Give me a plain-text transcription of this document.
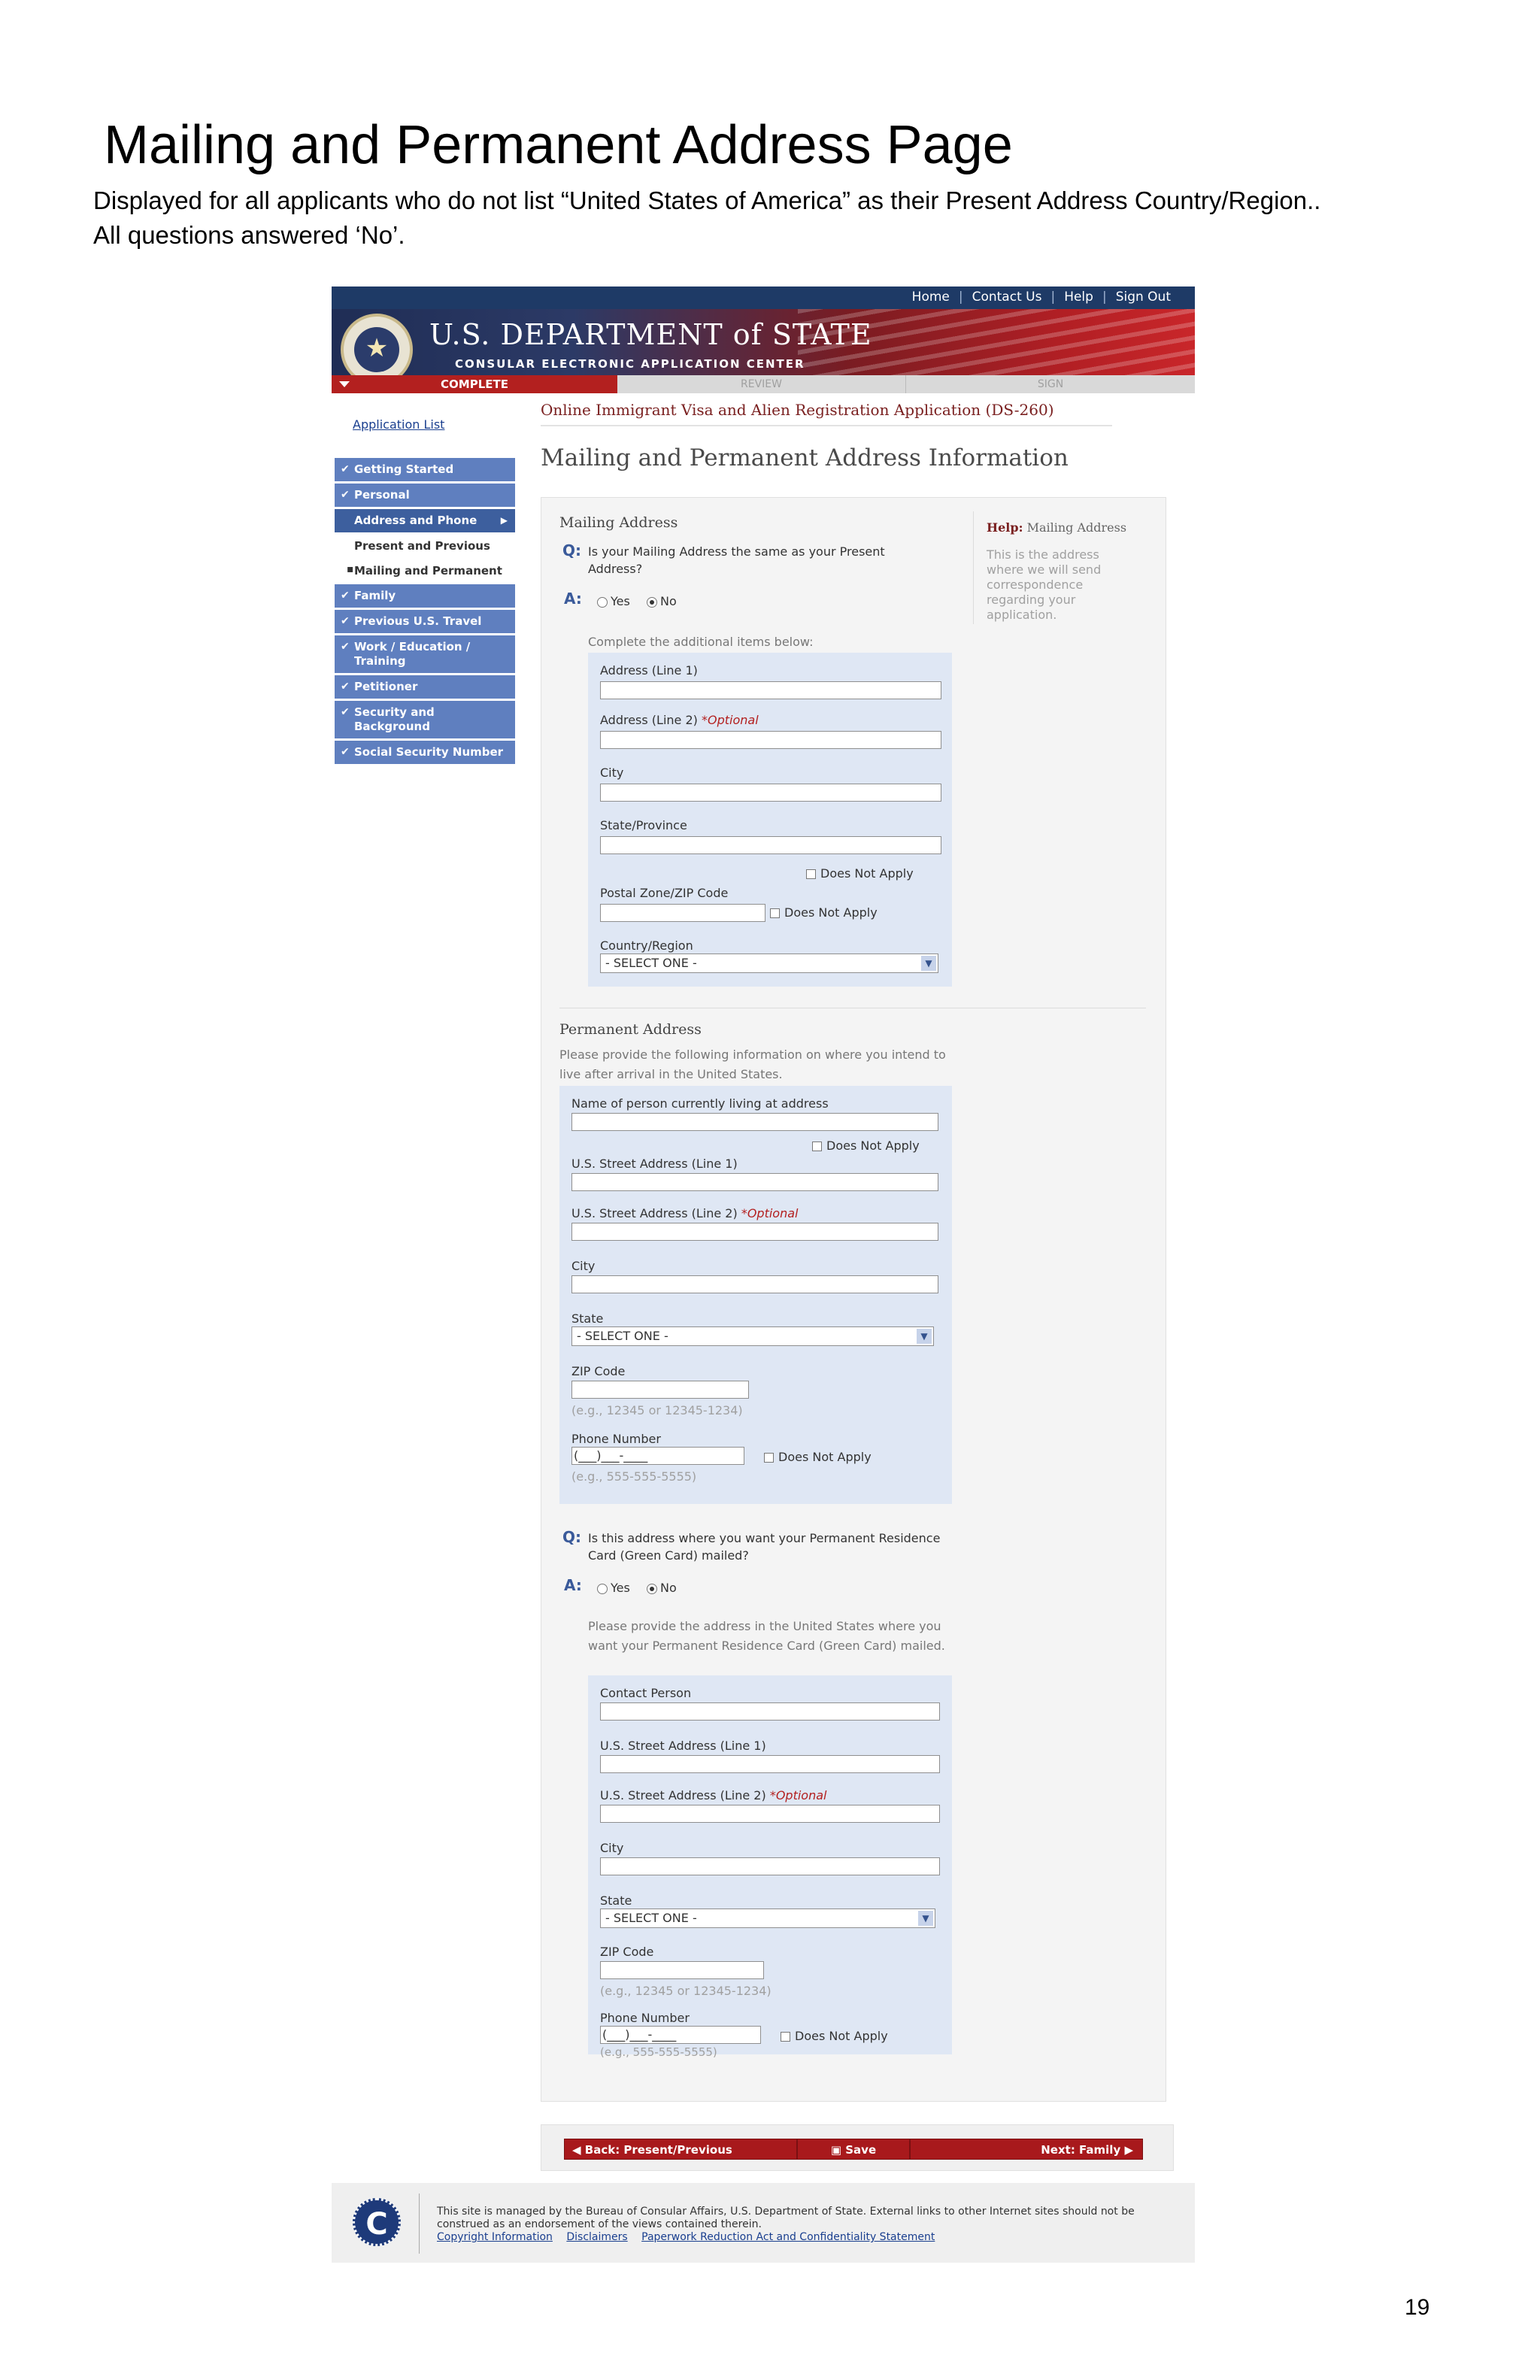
Mailing and Permanent Address Page
Displayed for all applicants who do not list “United States of America” as their Present Address Country/Region.. All questions answered ‘No’.
Home | Contact Us | Help | Sign Out
★ U.S. DEPARTMENT of STATE
CONSULAR ELECTRONIC APPLICATION CENTER
COMPLETE	REVIEW	SIGN
Application List
Online Immigrant Visa and Alien Registration Application (DS-260)
Mailing and Permanent Address Information
✔ Getting Started
✔ Personal
Address and Phone	▶
Present and Previous
▪ Mailing and Permanent
✔ Family
✔ Previous U.S. Travel
✔ Work / Education / Training
✔ Petitioner
✔ Security and Background
✔ Social Security Number
Mailing Address
Q: Is your Mailing Address the same as your Present Address?
A:	Yes	No
Complete the additional items below:
Address (Line 1)
Address (Line 2) *Optional
City
State/Province
Does Not Apply
Postal Zone/ZIP Code
Does Not Apply
Country/Region
- SELECT ONE -	▼
Help: Mailing Address
This is the address where we will send correspondence regarding your application.
Permanent Address
Please provide the following information on where you intend to live after arrival in the United States.
Name of person currently living at address
Does Not Apply
U.S. Street Address (Line 1)
U.S. Street Address (Line 2) *Optional
City
State
- SELECT ONE -	▼
ZIP Code
(e.g., 12345 or 12345-1234)
Phone Number
(___)___-____	Does Not Apply
(e.g., 555-555-5555)
Q: Is this address where you want your Permanent Residence Card (Green Card) mailed?
A:	Yes	No
Please provide the address in the United States where you want your Permanent Residence Card (Green Card) mailed.
Contact Person
U.S. Street Address (Line 1)
U.S. Street Address (Line 2) *Optional
City
State
- SELECT ONE -	▼
ZIP Code
(e.g., 12345 or 12345-1234)
Phone Number
(___)___-____	Does Not Apply
(e.g., 555-555-5555)
◀ Back: Present/Previous	▣ Save	Next: Family ▶
C	This site is managed by the Bureau of Consular Affairs, U.S. Department of State. External links to other Internet sites should not be construed as an endorsement of the views contained therein.
Copyright Information Disclaimers Paperwork Reduction Act and Confidentiality Statement
19
